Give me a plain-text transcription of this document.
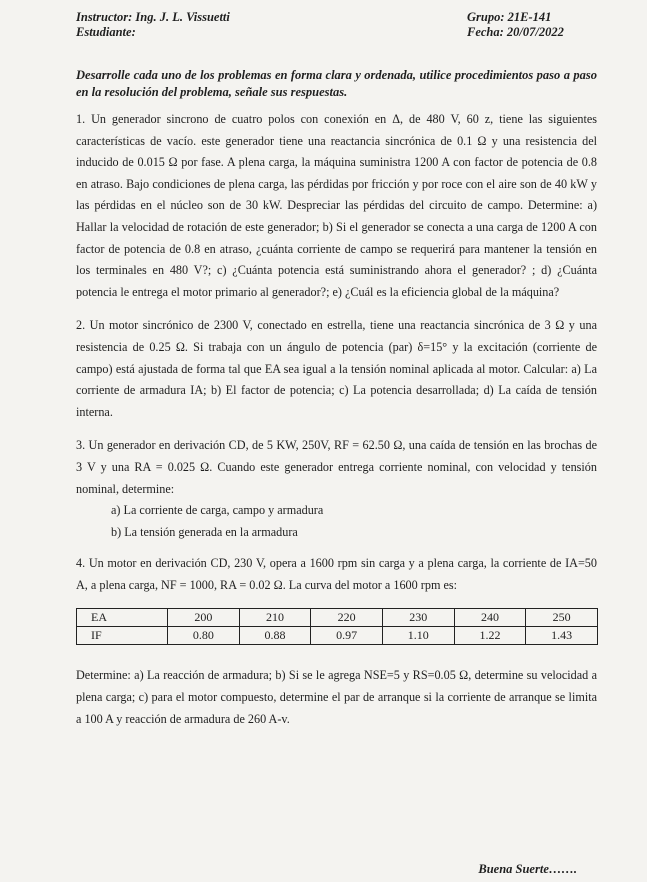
Instructor: Ing. J. L. Vissuetti	Grupo: 21E-141
Estudiante:	Fecha: 20/07/2022
Desarrolle cada uno de los problemas en forma clara y ordenada, utilice procedimientos paso a paso en la resolución del problema, señale sus respuestas.
1. Un generador sincrono de cuatro polos con conexión en Δ, de 480 V, 60 z, tiene las siguientes características de vacío. este generador tiene una reactancia sincrónica de 0.1 Ω y una resistencia del inducido de 0.015 Ω por fase. A plena carga, la máquina suministra 1200 A con factor de potencia de 0.8 en atraso. Bajo condiciones de plena carga, las pérdidas por fricción y por roce con el aire son de 40 kW y las pérdidas en el núcleo son de 30 kW. Despreciar las pérdidas del circuito de campo. Determine: a) Hallar la velocidad de rotación de este generador; b) Si el generador se conecta a una carga de 1200 A con factor de potencia de 0.8 en atraso, ¿cuánta corriente de campo se requerirá para mantener la tensión en los terminales en 480 V?; c) ¿Cuánta potencia está suministrando ahora el generador? ; d) ¿Cuánta potencia le entrega el motor primario al generador?; e) ¿Cuál es la eficiencia global de la máquina?
2. Un motor sincrónico de 2300 V, conectado en estrella, tiene una reactancia sincrónica de 3 Ω y una resistencia de 0.25 Ω. Si trabaja con un ángulo de potencia (par) δ=15° y la excitación (corriente de campo) está ajustada de forma tal que EA sea igual a la tensión nominal aplicada al motor. Calcular: a) La corriente de armadura IA; b) El factor de potencia; c) La potencia desarrollada; d) La caída de tensión interna.
3. Un generador en derivación CD, de 5 KW, 250V, RF = 62.50 Ω, una caída de tensión en las brochas de 3 V y una RA = 0.025 Ω. Cuando este generador entrega corriente nominal, con velocidad y tensión nominal, determine:
a) La corriente de carga, campo y armadura
b) La tensión generada en la armadura
4. Un motor en derivación CD, 230 V, opera a 1600 rpm sin carga y a plena carga, la corriente de IA=50 A, a plena carga, NF = 1000, RA = 0.02 Ω. La curva del motor a 1600 rpm es:
EA	200	210	220	230	240	250
IF	0.80	0.88	0.97	1.10	1.22	1.43
Determine: a) La reacción de armadura; b) Si se le agrega NSE=5 y RS=0.05 Ω, determine su velocidad a plena carga; c) para el motor compuesto, determine el par de arranque si la corriente de arranque se limita a 100 A y reacción de armadura de 260 A-v.
Buena Suerte…….
